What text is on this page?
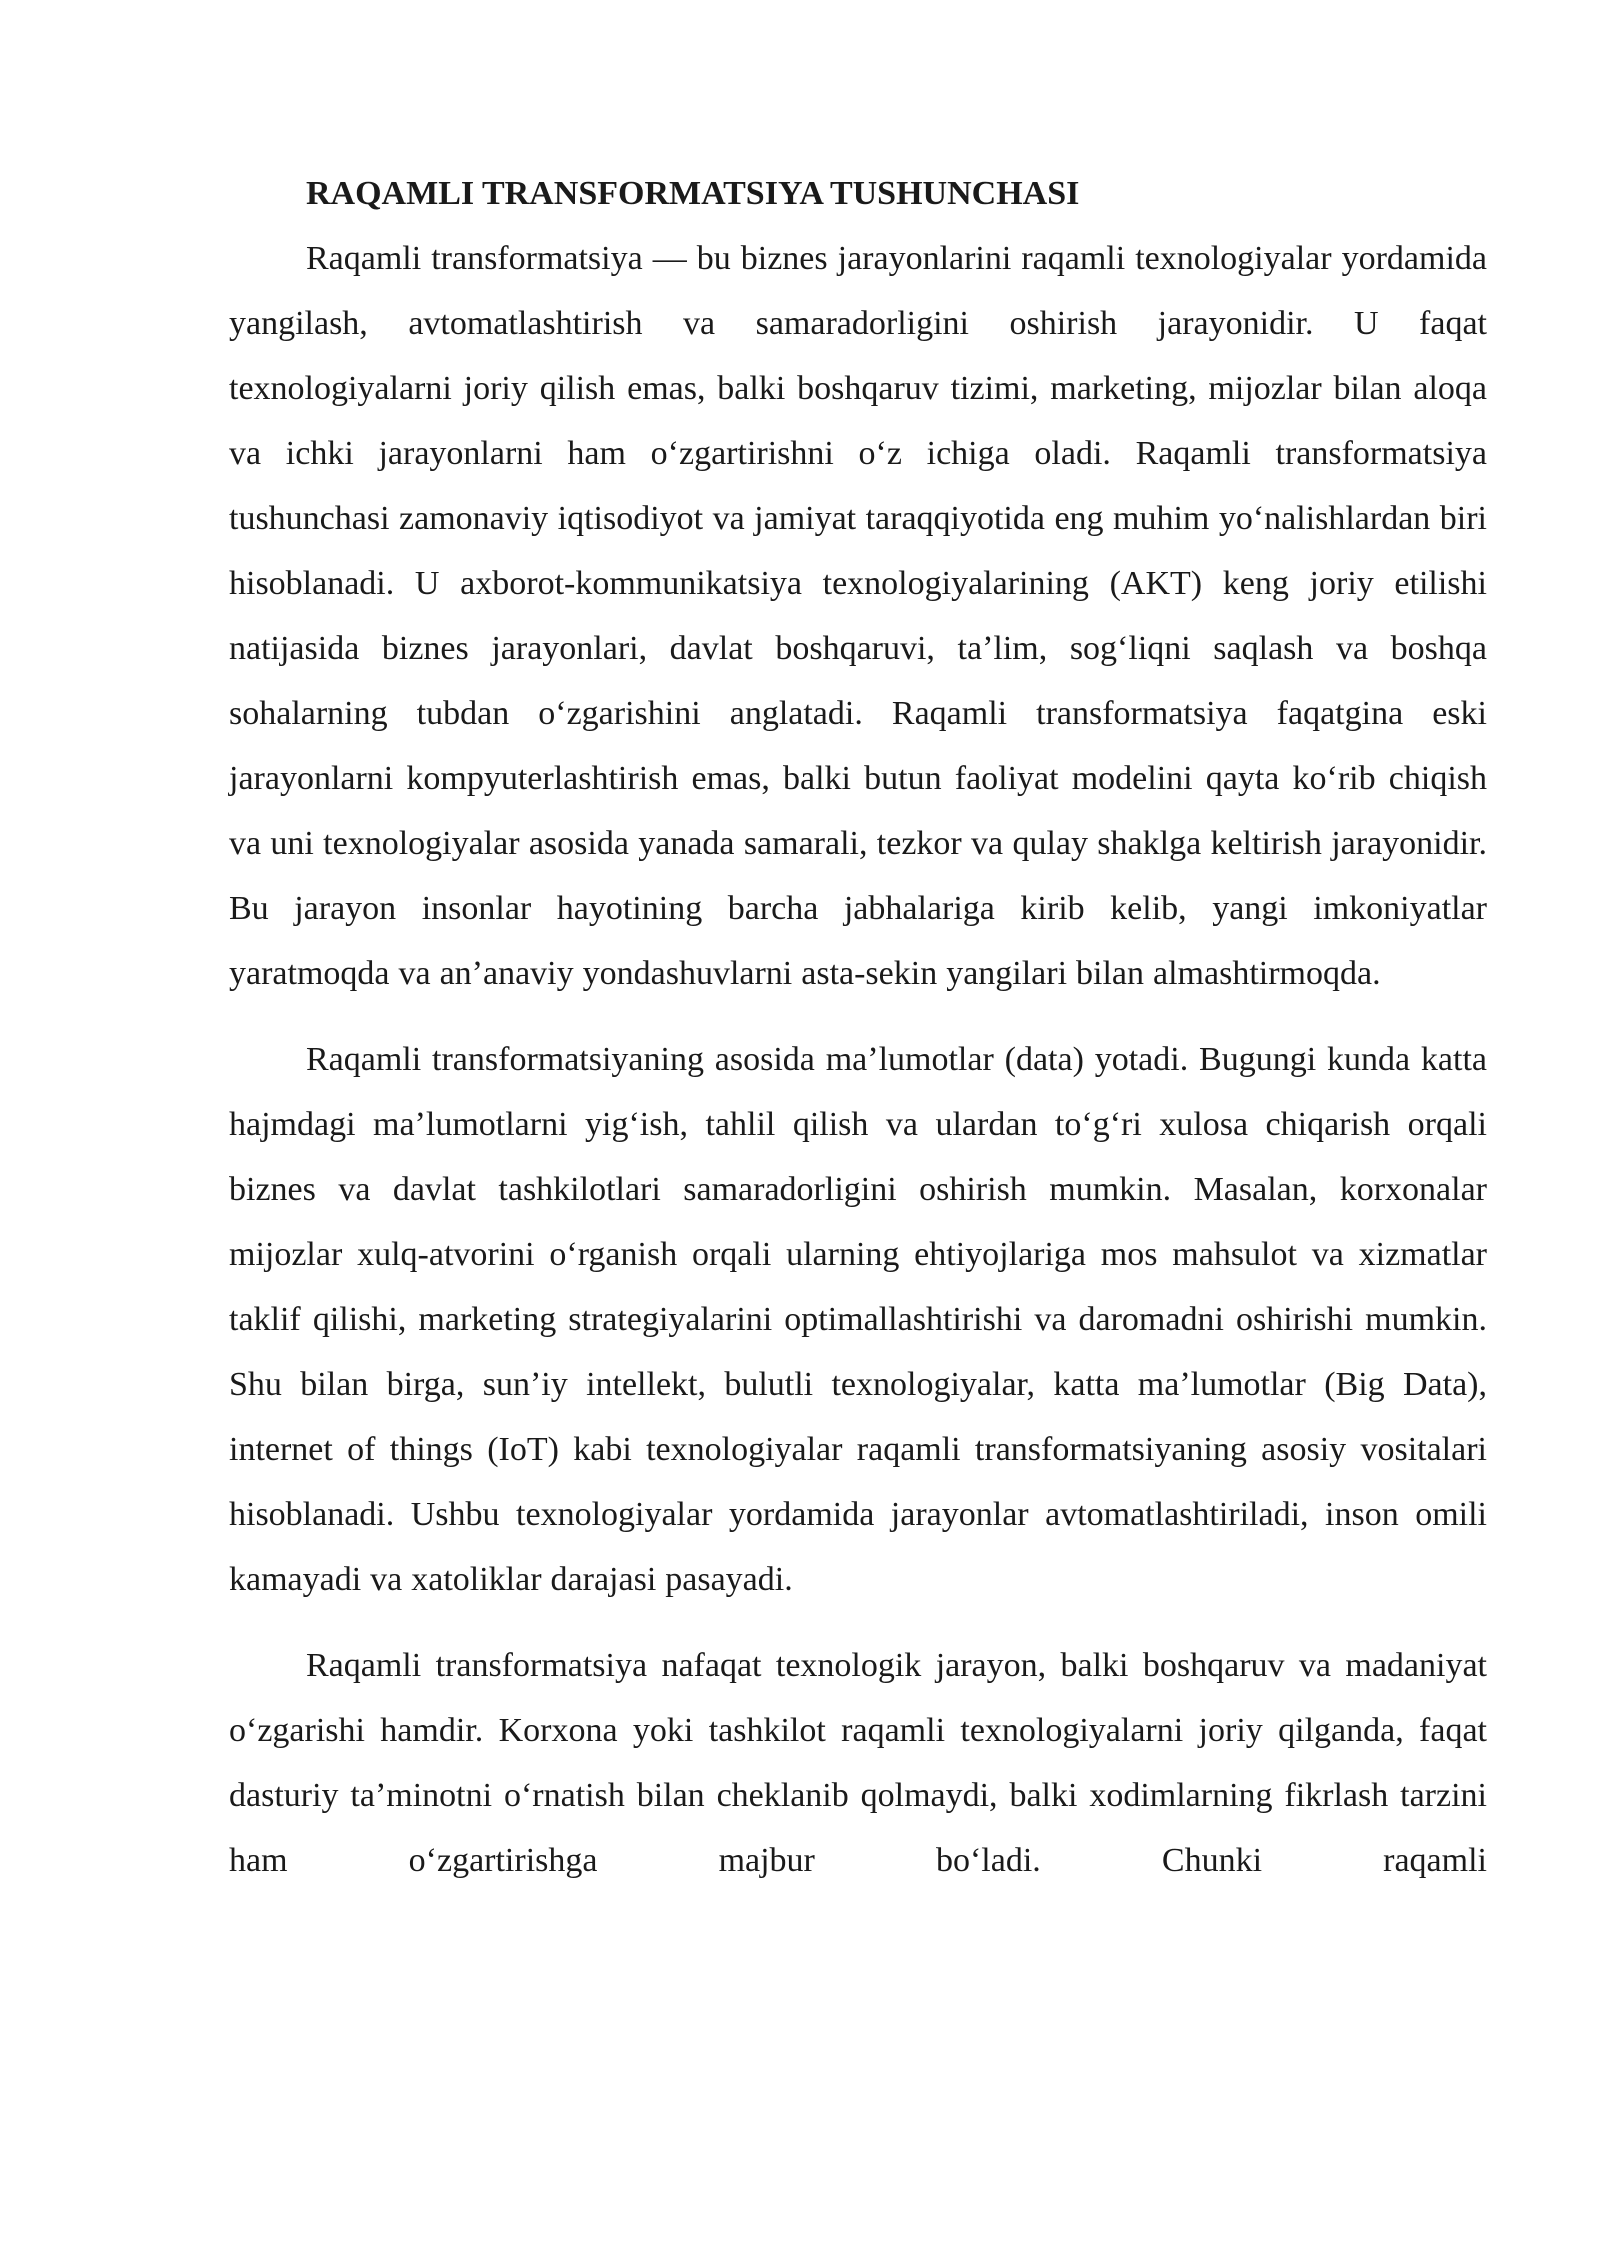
RAQAMLI TRANSFORMATSIYA TUSHUNCHASI

Raqamli transformatsiya — bu biznes jarayonlarini raqamli texnologiyalar yordamida yangilash, avtomatlashtirish va samaradorligini oshirish jarayonidir. U faqat texnologiyalarni joriy qilish emas, balki boshqaruv tizimi, marketing, mijozlar bilan aloqa va ichki jarayonlarni ham oʻzgartirishni oʻz ichiga oladi. Raqamli transformatsiya tushunchasi zamonaviy iqtisodiyot va jamiyat taraqqiyotida eng muhim yoʻnalishlardan biri hisoblanadi. U axborot-kommunikatsiya texnologiyalarining (AKT) keng joriy etilishi natijasida biznes jarayonlari, davlat boshqaruvi, taʼlim, sogʻliqni saqlash va boshqa sohalarning tubdan oʻzgarishini anglatadi. Raqamli transformatsiya faqatgina eski jarayonlarni kompyuterlashtirish emas, balki butun faoliyat modelini qayta koʻrib chiqish va uni texnologiyalar asosida yanada samarali, tezkor va qulay shaklga keltirish jarayonidir. Bu jarayon insonlar hayotining barcha jabhalariga kirib kelib, yangi imkoniyatlar yaratmoqda va anʼanaviy yondashuvlarni asta-sekin yangilari bilan almashtirmoqda.

Raqamli transformatsiyaning asosida maʼlumotlar (data) yotadi. Bugungi kunda katta hajmdagi maʼlumotlarni yigʻish, tahlil qilish va ulardan toʻgʻri xulosa chiqarish orqali biznes va davlat tashkilotlari samaradorligini oshirish mumkin. Masalan, korxonalar mijozlar xulq-atvorini oʻrganish orqali ularning ehtiyojlariga mos mahsulot va xizmatlar taklif qilishi, marketing strategiyalarini optimallashtirishi va daromadni oshirishi mumkin. Shu bilan birga, sunʼiy intellekt, bulutli texnologiyalar, katta maʼlumotlar (Big Data), internet of things (IoT) kabi texnologiyalar raqamli transformatsiyaning asosiy vositalari hisoblanadi. Ushbu texnologiyalar yordamida jarayonlar avtomatlashtiriladi, inson omili kamayadi va xatoliklar darajasi pasayadi.

Raqamli transformatsiya nafaqat texnologik jarayon, balki boshqaruv va madaniyat oʻzgarishi hamdir. Korxona yoki tashkilot raqamli texnologiyalarni joriy qilganda, faqat dasturiy taʼminotni oʻrnatish bilan cheklanib qolmaydi, balki xodimlarning fikrlash tarzini ham oʻzgartirishga majbur boʻladi. Chunki raqamli
